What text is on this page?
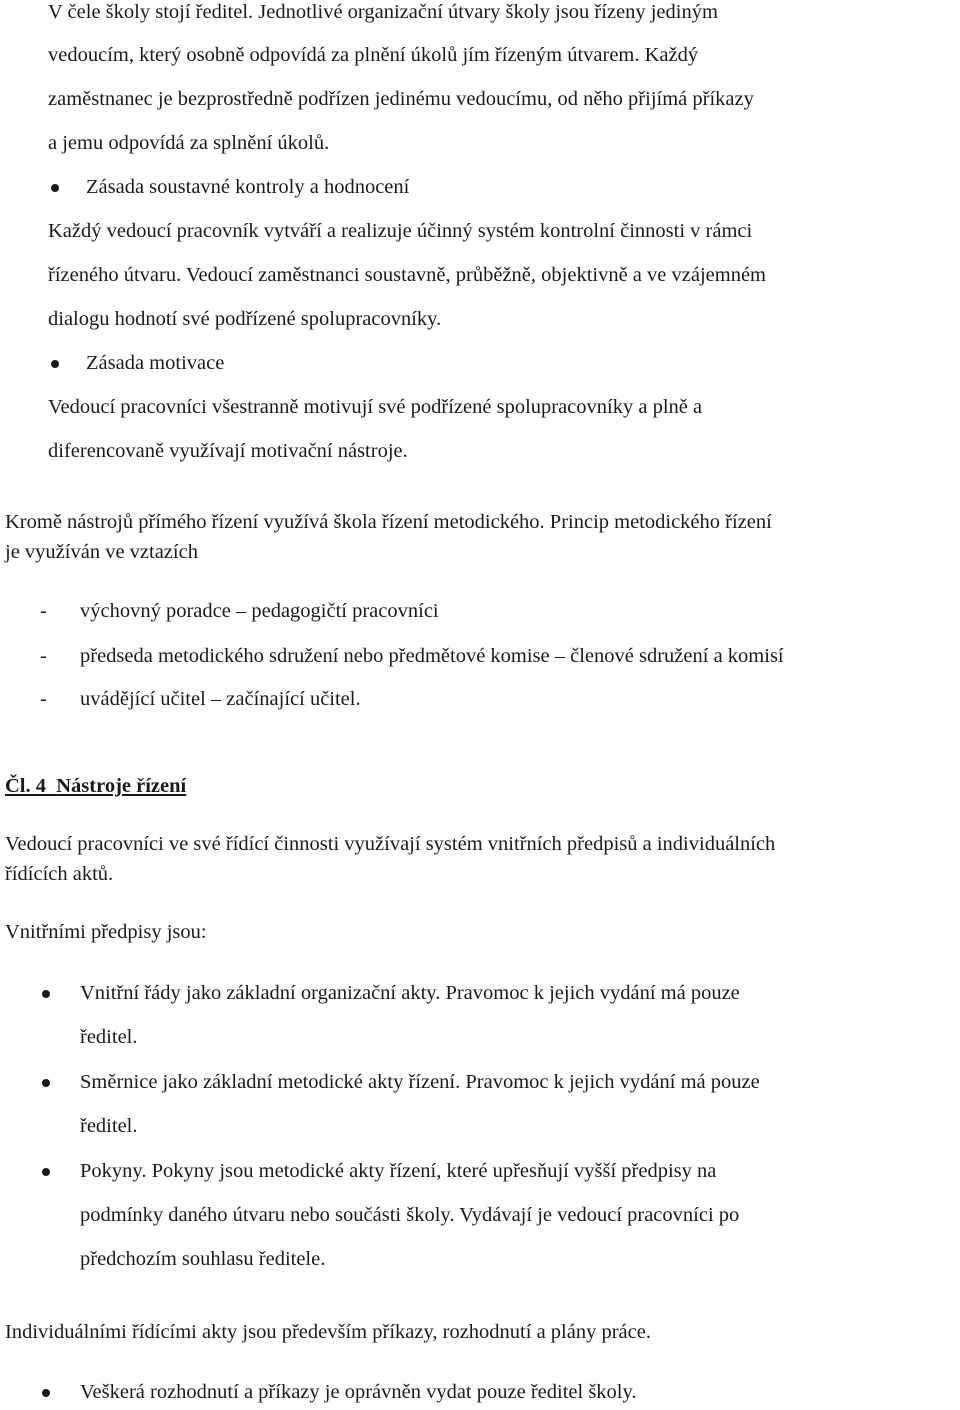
V čele školy stojí ředitel. Jednotlivé organizační útvary školy jsou řízeny jediným
vedoucím, který osobně odpovídá za plnění úkolů jím řízeným útvarem. Každý
zaměstnanec je bezprostředně podřízen jedinému vedoucímu, od něho přijímá příkazy
a jemu odpovídá za splnění úkolů.
Zásada soustavné kontroly a hodnocení
Každý vedoucí pracovník vytváří a realizuje účinný systém kontrolní činnosti v rámci
řízeného útvaru. Vedoucí zaměstnanci soustavně, průběžně, objektivně a ve vzájemném
dialogu hodnotí své podřízené spolupracovníky.
Zásada motivace
Vedoucí pracovníci všestranně motivují své podřízené spolupracovníky a plně a
diferencovaně využívají motivační nástroje.
Kromě nástrojů přímého řízení využívá škola řízení metodického. Princip metodického řízení
je využíván ve vztazích
- výchovný poradce – pedagogičtí pracovníci
- předseda metodického sdružení nebo předmětové komise – členové sdružení a komisí
- uvádějící učitel – začínající učitel.
Čl. 4 Nástroje řízení
Vedoucí pracovníci ve své řídící činnosti využívají systém vnitřních předpisů a individuálních
řídících aktů.
Vnitřními předpisy jsou:
Vnitřní řády jako základní organizační akty. Pravomoc k jejich vydání má pouze
ředitel.
Směrnice jako základní metodické akty řízení. Pravomoc k jejich vydání má pouze
ředitel.
Pokyny. Pokyny jsou metodické akty řízení, které upřesňují vyšší předpisy na
podmínky daného útvaru nebo součásti školy. Vydávají je vedoucí pracovníci po
předchozím souhlasu ředitele.
Individuálními řídícími akty jsou především příkazy, rozhodnutí a plány práce.
Veškerá rozhodnutí a příkazy je oprávněn vydat pouze ředitel školy.
